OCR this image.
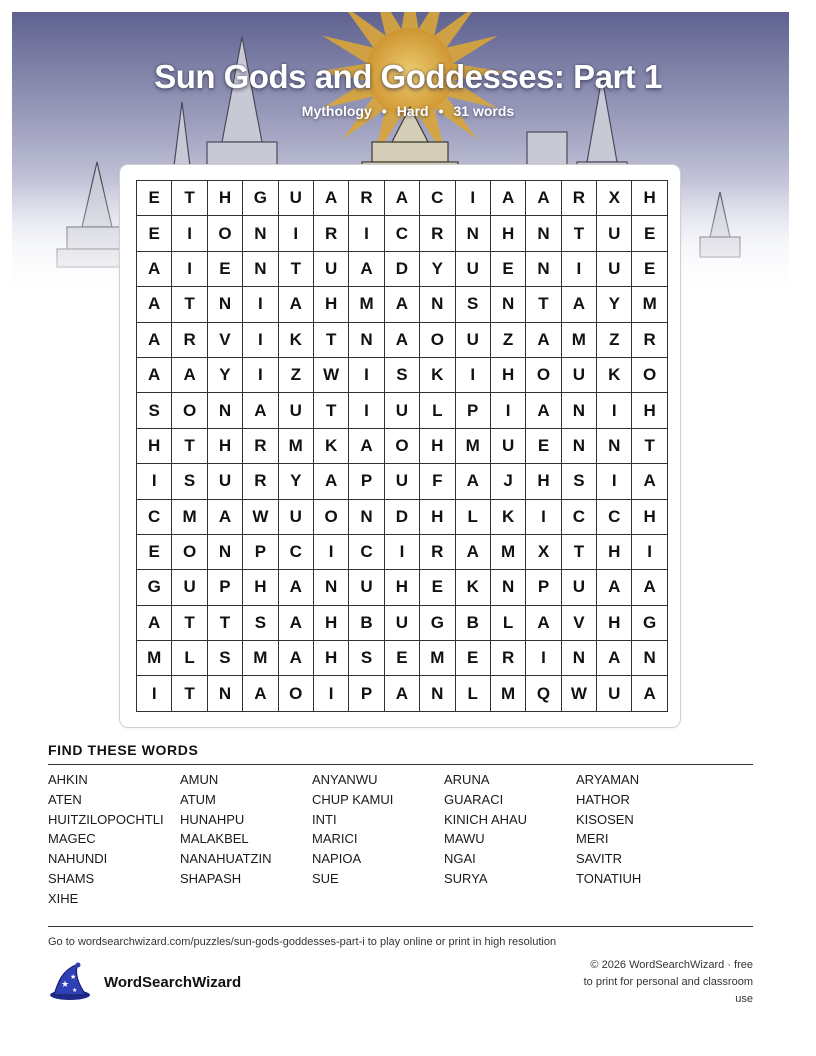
Sun Gods and Goddesses: Part 1
Mythology • Hard • 31 words
E	T	H	G	U	A	R	A	C	I	A	A	R	X	H
E	I	O	N	I	R	I	C	R	N	H	N	T	U	E
A	I	E	N	T	U	A	D	Y	U	E	N	I	U	E
A	T	N	I	A	H	M	A	N	S	N	T	A	Y	M
A	R	V	I	K	T	N	A	O	U	Z	A	M	Z	R
A	A	Y	I	Z	W	I	S	K	I	H	O	U	K	O
S	O	N	A	U	T	I	U	L	P	I	A	N	I	H
H	T	H	R	M	K	A	O	H	M	U	E	N	N	T
I	S	U	R	Y	A	P	U	F	A	J	H	S	I	A
C	M	A	W	U	O	N	D	H	L	K	I	C	C	H
E	O	N	P	C	I	C	I	R	A	M	X	T	H	I
G	U	P	H	A	N	U	H	E	K	N	P	U	A	A
A	T	T	S	A	H	B	U	G	B	L	A	V	H	G
M	L	S	M	A	H	S	E	M	E	R	I	N	A	N
I	T	N	A	O	I	P	A	N	L	M	Q	W	U	A
FIND THESE WORDS
AHKIN	AMUN	ANYANWU	ARUNA	ARYAMAN
ATEN	ATUM	CHUP KAMUI	GUARACI	HATHOR
HUITZILOPOCHTLI	HUNAHPU	INTI	KINICH AHAU	KISOSEN
MAGEC	MALAKBEL	MARICI	MAWU	MERI
NAHUNDI	NANAHUATZIN	NAPIOA	NGAI	SAVITR
SHAMS	SHAPASH	SUE	SURYA	TONATIUH
XIHE
Go to wordsearchwizard.com/puzzles/sun-gods-goddesses-part-i to play online or print in high resolution
★
★
★ WordSearchWizard
© 2026 WordSearchWizard · free to print for personal and classroom use
